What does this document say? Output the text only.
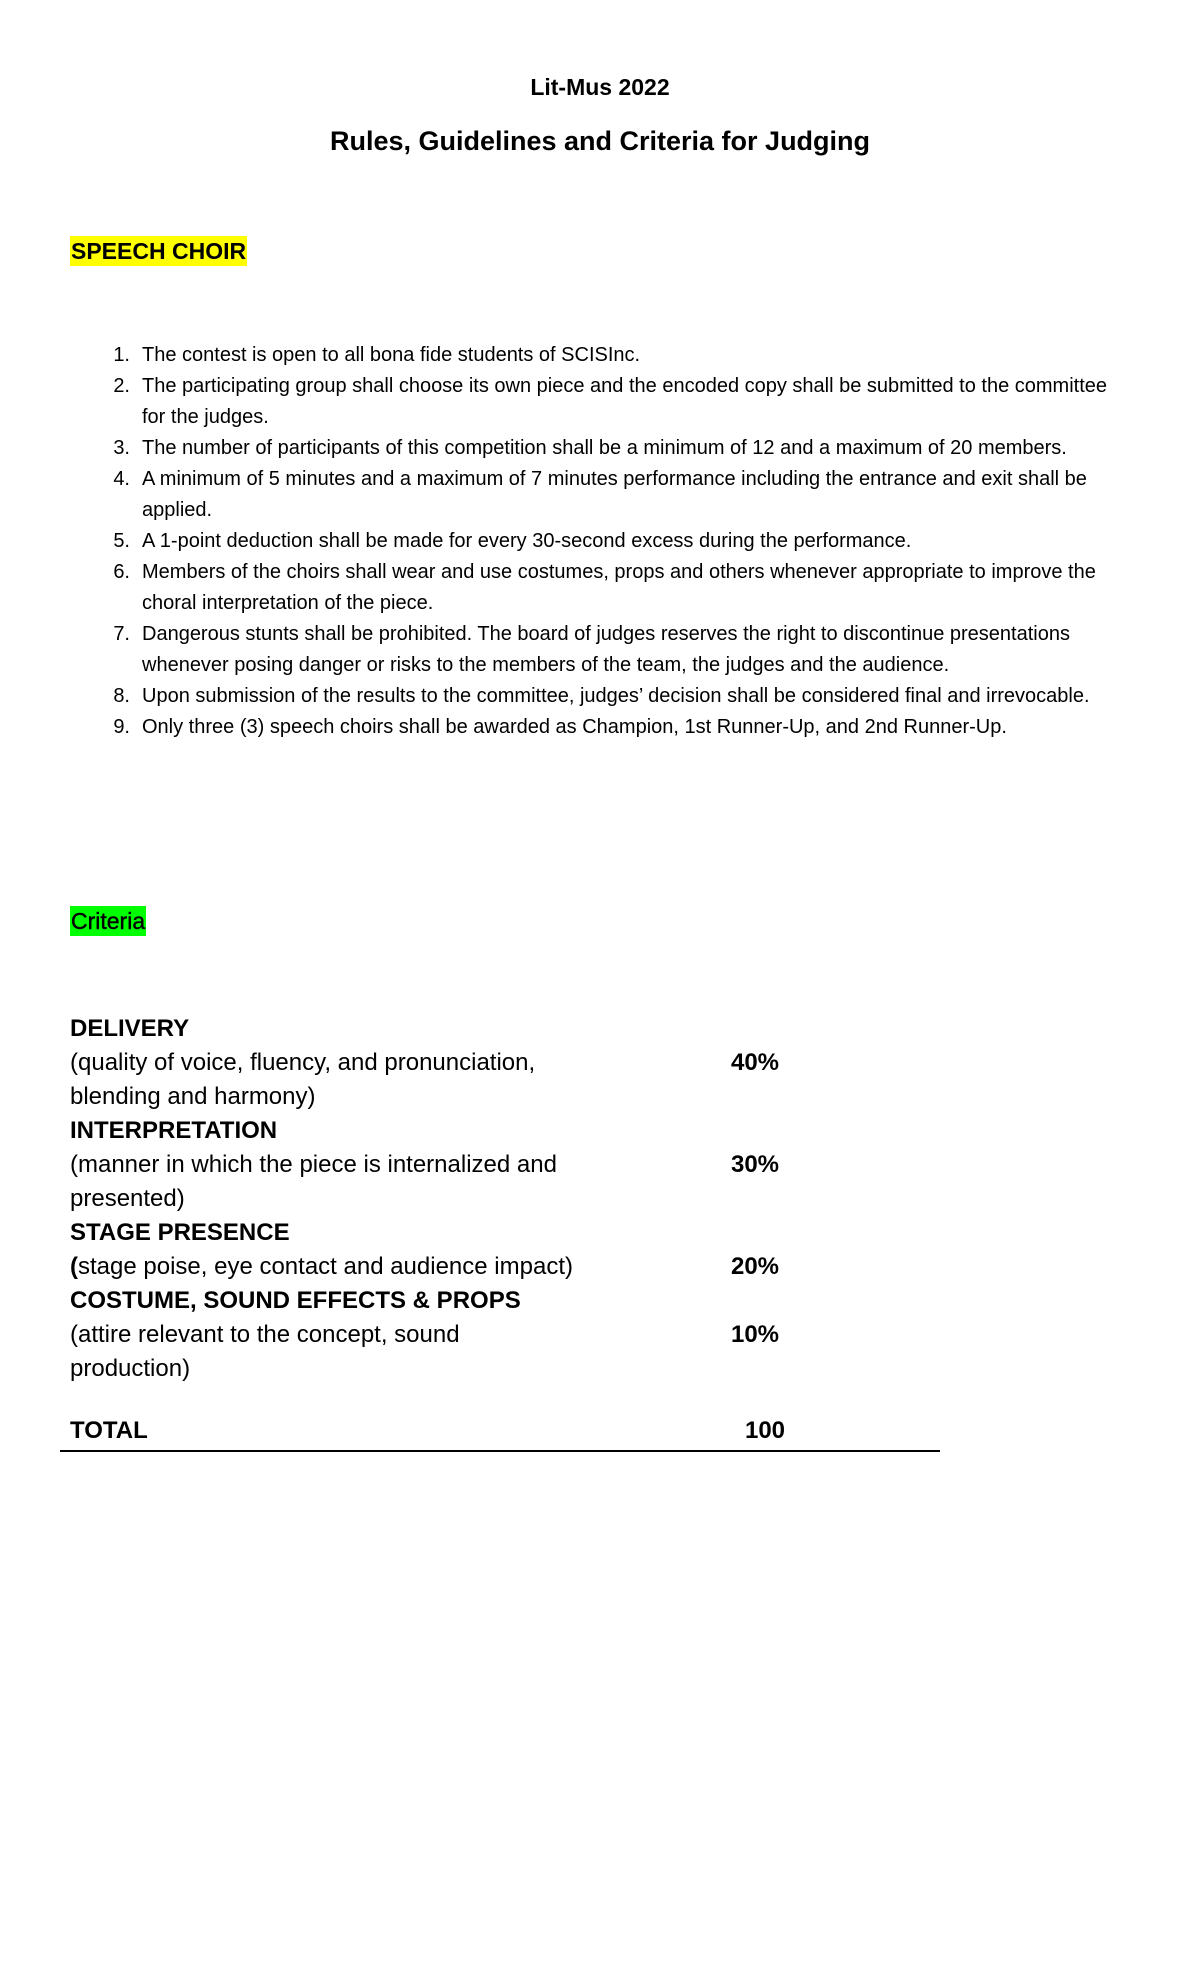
Lit-Mus 2022
Rules, Guidelines and Criteria for Judging
SPEECH CHOIR
1. The contest is open to all bona fide students of SCISInc.
2. The participating group shall choose its own piece and the encoded copy shall be submitted to the committee for the judges.
3. The number of participants of this competition shall be a minimum of 12 and a maximum of 20 members.
4. A minimum of 5 minutes and a maximum of 7 minutes performance including the entrance and exit shall be applied.
5. A 1-point deduction shall be made for every 30-second excess during the performance.
6. Members of the choirs shall wear and use costumes, props and others whenever appropriate to improve the choral interpretation of the piece.
7. Dangerous stunts shall be prohibited. The board of judges reserves the right to discontinue presentations whenever posing danger or risks to the members of the team, the judges and the audience.
8. Upon submission of the results to the committee, judges’ decision shall be considered final and irrevocable.
9. Only three (3) speech choirs shall be awarded as Champion, 1st Runner-Up, and 2nd Runner-Up.
Criteria
DELIVERY
(quality of voice, fluency, and pronunciation,	40%
blending and harmony)
INTERPRETATION
(manner in which the piece is internalized and	30%
presented)
STAGE PRESENCE
(stage poise, eye contact and audience impact)	20%
COSTUME, SOUND EFFECTS & PROPS
(attire relevant to the concept, sound	10%
production)
TOTAL	100
